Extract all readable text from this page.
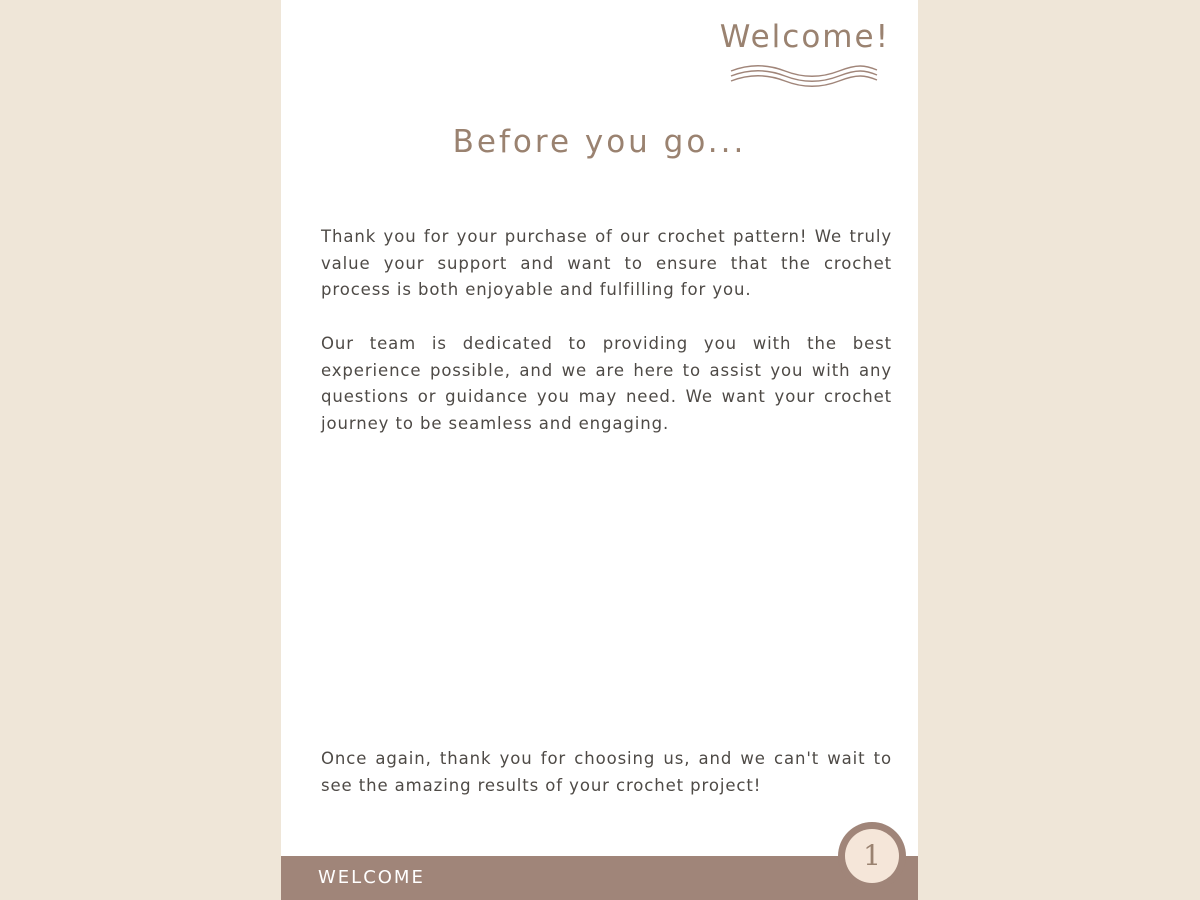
Welcome!
Before you go...

Thank you for your purchase of our crochet pattern! We truly value your support and want to ensure that the crochet process is both enjoyable and fulfilling for you.

Our team is dedicated to providing you with the best experience possible, and we are here to assist you with any questions or guidance you may need. We want your crochet journey to be seamless and engaging.

Once again, thank you for choosing us, and we can't wait to see the amazing results of your crochet project!

WELCOME
1
